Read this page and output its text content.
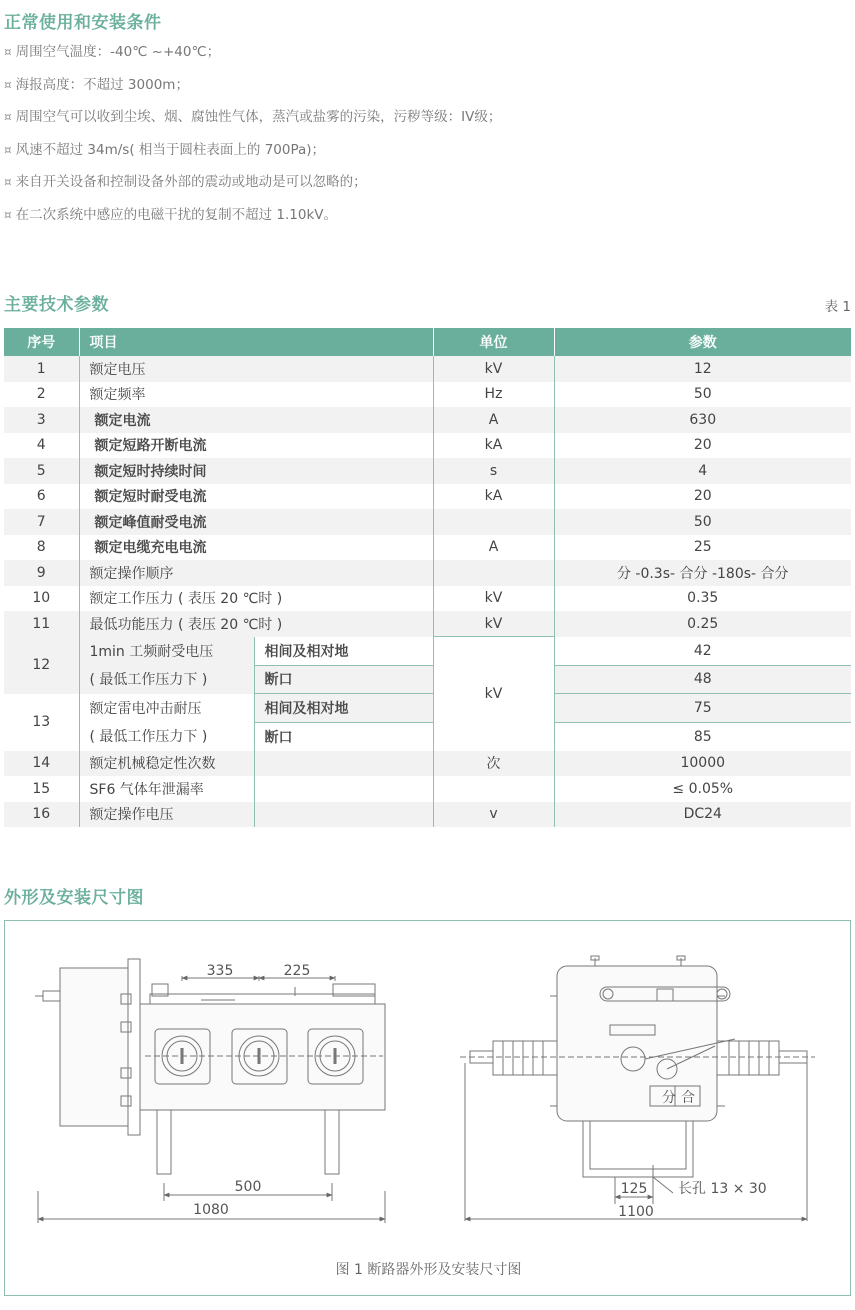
正常使用和安装条件
¤ 周围空气温度：-40℃ ~+40℃；
¤ 海报高度：不超过 3000m；
¤ 周围空气可以收到尘埃、烟、腐蚀性气体，蒸汽或盐雾的污染，污秽等级：IV级；
¤ 风速不超过 34m/s( 相当于圆柱表面上的 700Pa)；
¤ 来自开关设备和控制设备外部的震动或地动是可以忽略的；
¤ 在二次系统中感应的电磁干扰的复制不超过 1.10kV。
主要技术参数	表 1
序号	项目		单位	参数
1	额定电压		kV	12
2	额定频率		Hz	50
3	额定电流		A	630
4	额定短路开断电流		kA	20
5	额定短时持续时间		s	4
6	额定短时耐受电流		kA	20
7	额定峰值耐受电流			50
8	额定电缆充电电流		A	25
9	额定操作顺序			分 -0.3s- 合分 -180s- 合分
10	额定工作压力 ( 表压 20 ℃时 )		kV	0.35
11	最低功能压力 ( 表压 20 ℃时 )		kV	0.25
12	1min 工频耐受电压	相间及相对地	kV	42
	( 最低工作压力下 )	断口		48
13	额定雷电冲击耐压	相间及相对地		75
	( 最低工作压力下 )	断口		85
14	额定机械稳定性次数		次	10000
15	SF6 气体年泄漏率			≤ 0.05%
16	额定操作电压		v	DC24
外形及安装尺寸图
335	225
500
1080
分 合
125 长孔 13 × 30
1100
图 1 断路器外形及安装尺寸图
